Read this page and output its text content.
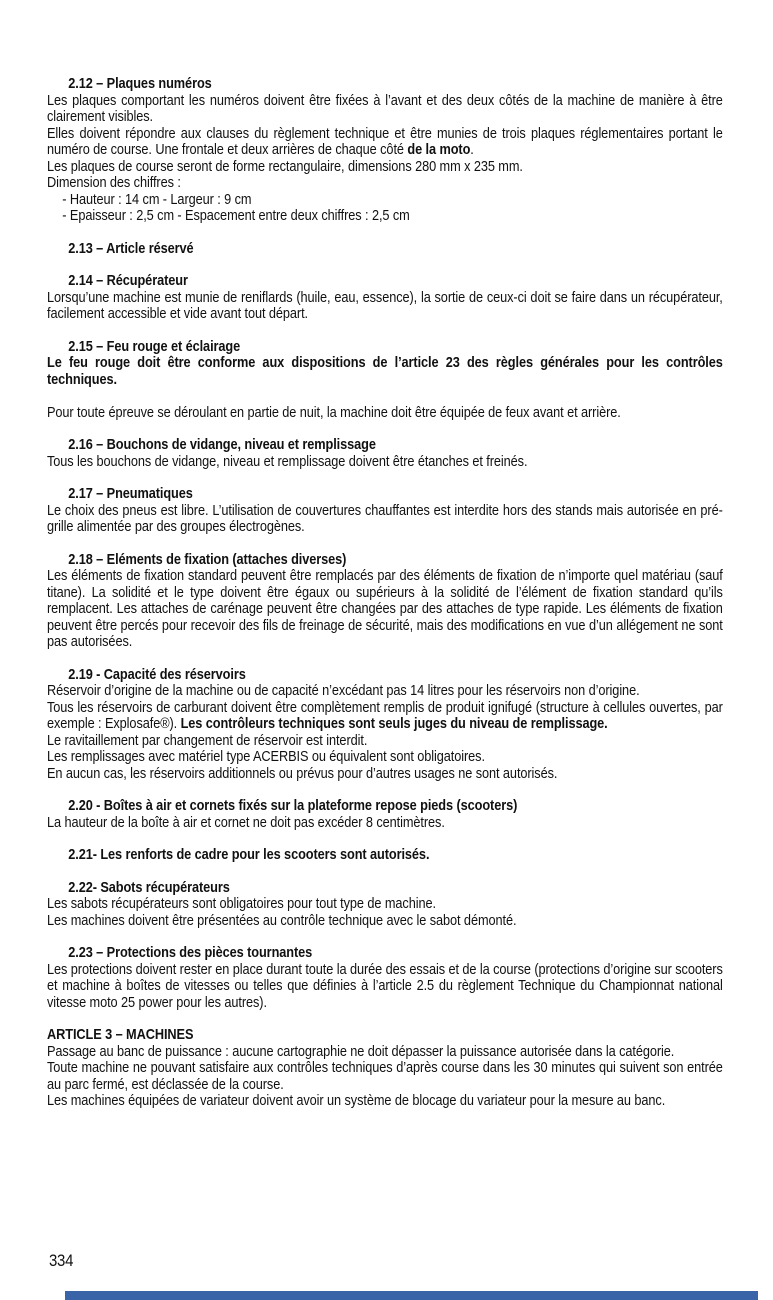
2.12 – Plaques numéros

Les plaques comportant les numéros doivent être fixées à l’avant et des deux côtés de la machine de manière à être clairement visibles.

Elles doivent répondre aux clauses du règlement technique et être munies de trois plaques réglementaires portant le numéro de course. Une frontale et deux arrières de chaque côté de la moto.

Les plaques de course seront de forme rectangulaire, dimensions 280 mm x 235 mm.

Dimension des chiffres :

- Hauteur : 14 cm - Largeur : 9 cm
- Epaisseur : 2,5 cm - Espacement entre deux chiffres : 2,5 cm
2.13 – Article réservé
2.14 – Récupérateur

Lorsqu’une machine est munie de reniflards (huile, eau, essence), la sortie de ceux-ci doit se faire dans un récupérateur, facilement accessible et vide avant tout départ.

2.15 – Feu rouge et éclairage

Le feu rouge doit être conforme aux dispositions de l’article 23 des règles générales pour les contrôles techniques.

Pour toute épreuve se déroulant en partie de nuit, la machine doit être équipée de feux avant et arrière.

2.16 – Bouchons de vidange, niveau et remplissage

Tous les bouchons de vidange, niveau et remplissage doivent être étanches et freinés.

2.17 – Pneumatiques

Le choix des pneus est libre. L’utilisation de couvertures chauffantes est interdite hors des stands mais autorisée en pré-grille alimentée par des groupes électrogènes.

2.18 – Eléments de fixation (attaches diverses)

Les éléments de fixation standard peuvent être remplacés par des éléments de fixation de n’importe quel matériau (sauf titane). La solidité et le type doivent être égaux ou supérieurs à la solidité de l’élément de fixation standard qu’ils remplacent. Les attaches de carénage peuvent être changées par des attaches de type rapide. Les éléments de fixation peuvent être percés pour recevoir des fils de freinage de sécurité, mais des modifications en vue d’un allégement ne sont pas autorisées.

2.19 - Capacité des réservoirs

Réservoir d’origine de la machine ou de capacité n’excédant pas 14 litres pour les réservoirs non d’origine.

Tous les réservoirs de carburant doivent être complètement remplis de produit ignifugé (structure à cellules ouvertes, par exemple : Explosafe®). Les contrôleurs techniques sont seuls juges du niveau de remplissage.

Le ravitaillement par changement de réservoir est interdit.

Les remplissages avec matériel type ACERBIS ou équivalent sont obligatoires.

En aucun cas, les réservoirs additionnels ou prévus pour d’autres usages ne sont autorisés.

2.20 - Boîtes à air et cornets fixés sur la plateforme repose pieds (scooters)

La hauteur de la boîte à air et cornet ne doit pas excéder 8 centimètres.

2.21- Les renforts de cadre pour les scooters sont autorisés.
2.22- Sabots récupérateurs

Les sabots récupérateurs sont obligatoires pour tout type de machine.

Les machines doivent être présentées au contrôle technique avec le sabot démonté.

2.23 – Protections des pièces tournantes

Les protections doivent rester en place durant toute la durée des essais et de la course (protections d’origine sur scooters et machine à boîtes de vitesses ou telles que définies à l’article 2.5 du règlement Technique du Championnat national vitesse moto 25 power pour les autres).

ARTICLE 3 – MACHINES

Passage au banc de puissance : aucune cartographie ne doit dépasser la puissance autorisée dans la catégorie.

Toute machine ne pouvant satisfaire aux contrôles techniques d’après course dans les 30 minutes qui suivent son entrée au parc fermé, est déclassée de la course.

Les machines équipées de variateur doivent avoir un système de blocage du variateur pour la mesure au banc.

334
